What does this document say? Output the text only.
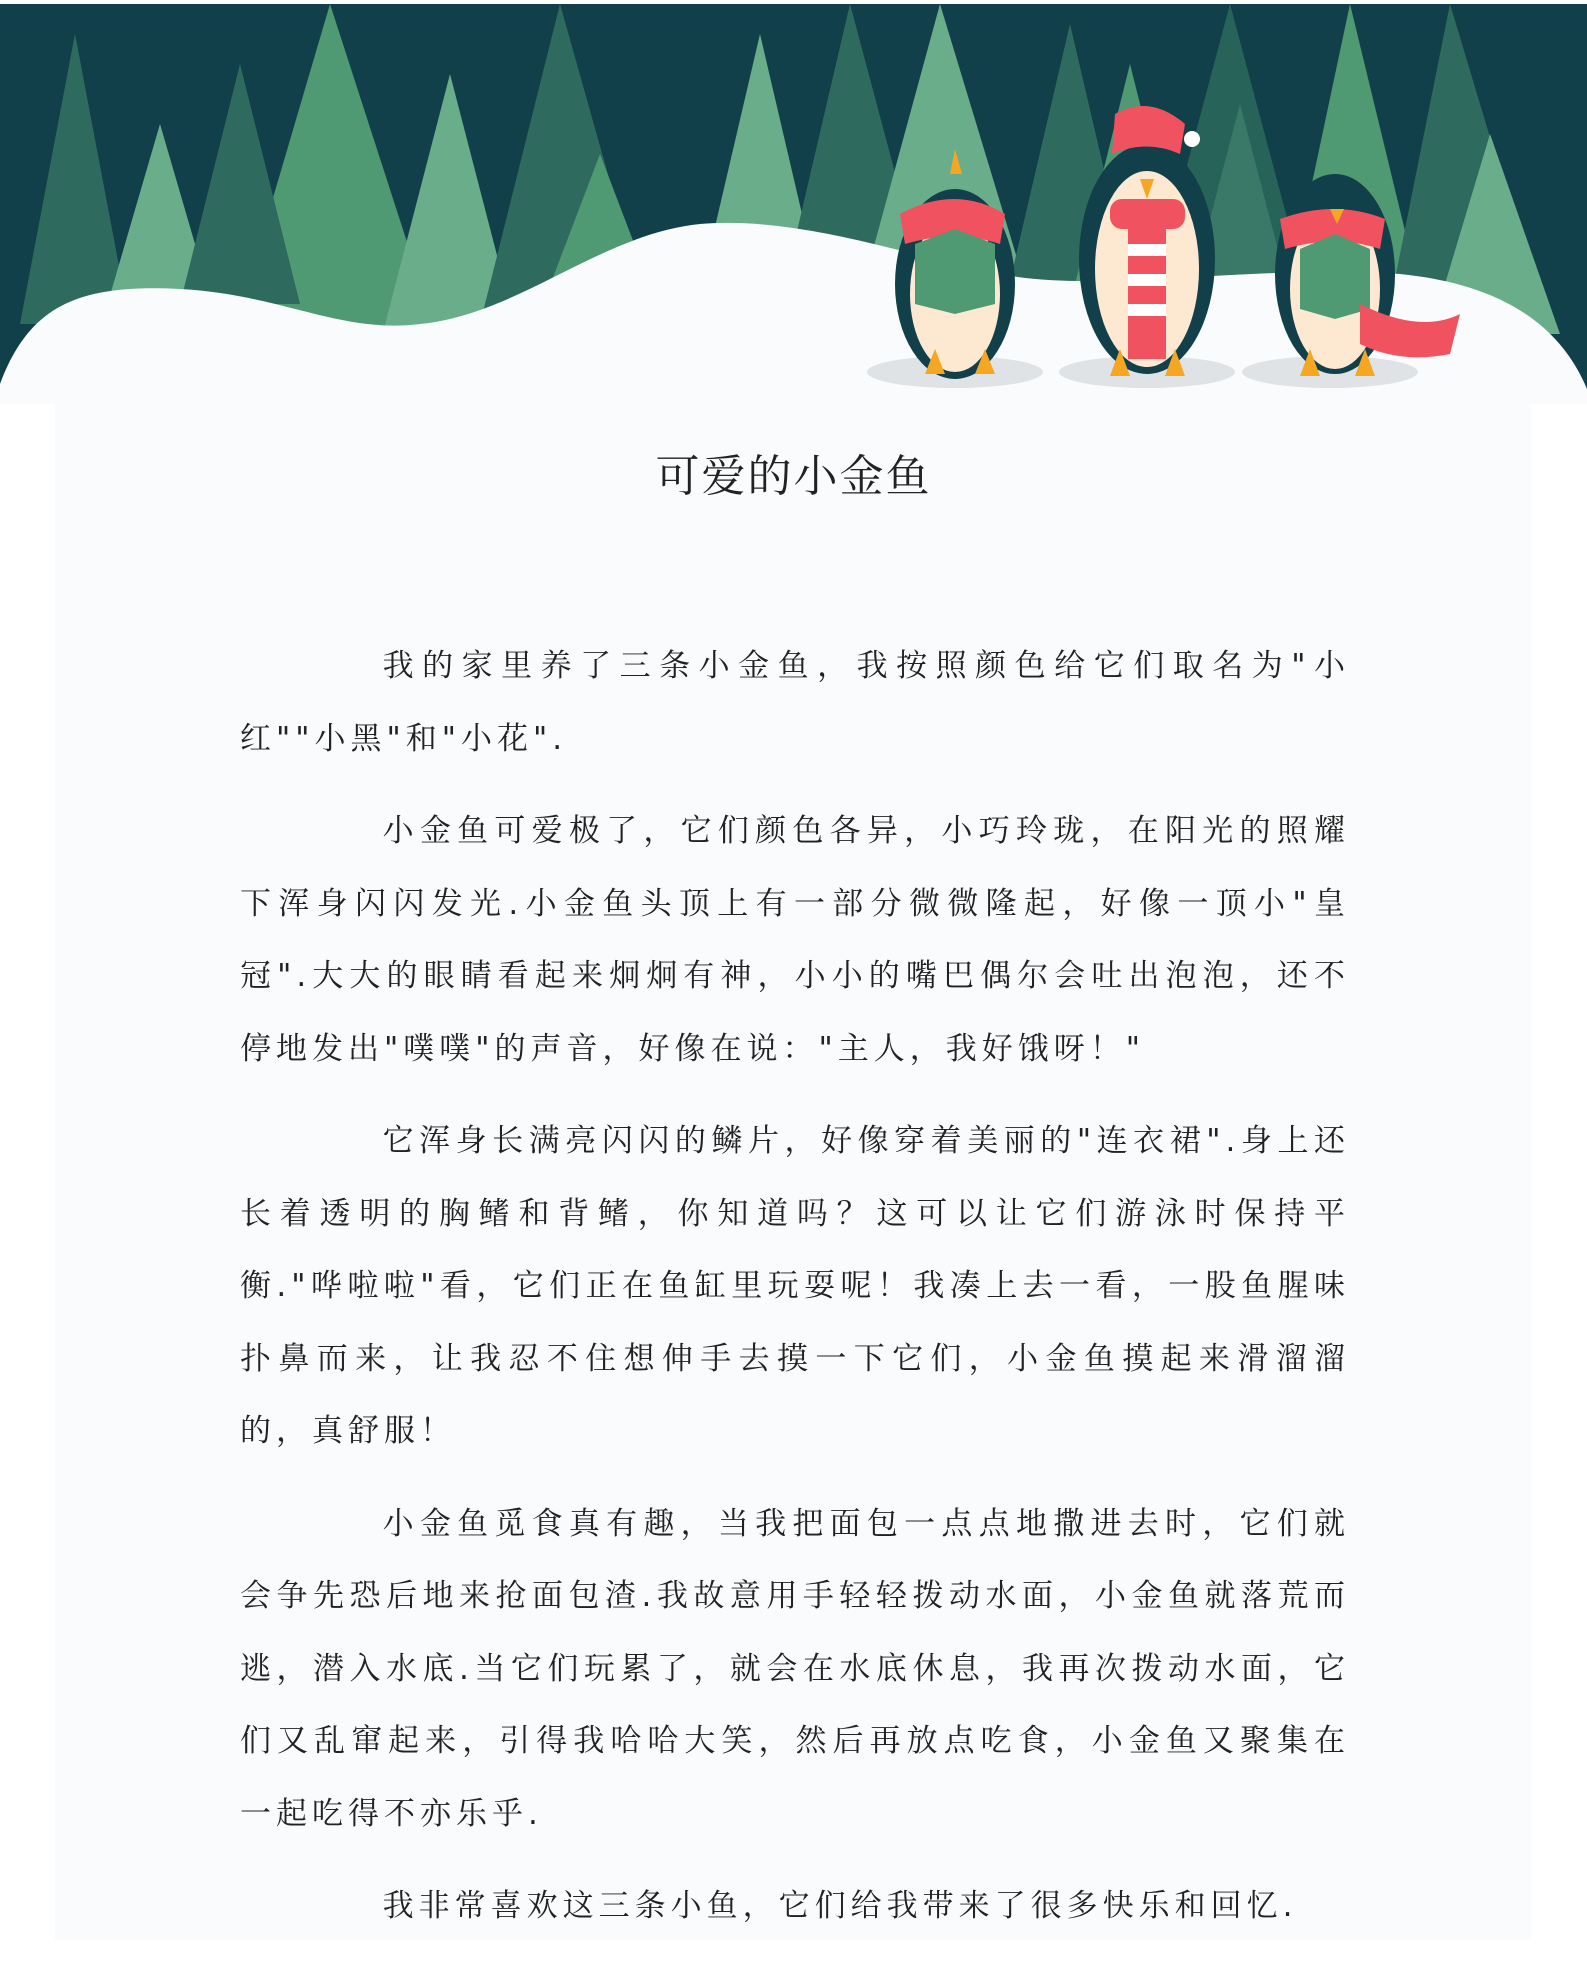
可爱的小金鱼

我的家里养了三条小金鱼，我按照颜色给它们取名为"小红""小黑"和"小花".

小金鱼可爱极了，它们颜色各异，小巧玲珑，在阳光的照耀下浑身闪闪发光.小金鱼头顶上有一部分微微隆起，好像一顶小"皇冠".大大的眼睛看起来炯炯有神，小小的嘴巴偶尔会吐出泡泡，还不停地发出"噗噗"的声音，好像在说："主人，我好饿呀！"

它浑身长满亮闪闪的鳞片，好像穿着美丽的"连衣裙".身上还长着透明的胸鳍和背鳍，你知道吗？这可以让它们游泳时保持平衡."哗啦啦"看，它们正在鱼缸里玩耍呢！我凑上去一看，一股鱼腥味扑鼻而来，让我忍不住想伸手去摸一下它们，小金鱼摸起来滑溜溜的，真舒服！

小金鱼觅食真有趣，当我把面包一点点地撒进去时，它们就会争先恐后地来抢面包渣.我故意用手轻轻拨动水面，小金鱼就落荒而逃，潜入水底.当它们玩累了，就会在水底休息，我再次拨动水面，它们又乱窜起来，引得我哈哈大笑，然后再放点吃食，小金鱼又聚集在一起吃得不亦乐乎.

我非常喜欢这三条小鱼，它们给我带来了很多快乐和回忆.
